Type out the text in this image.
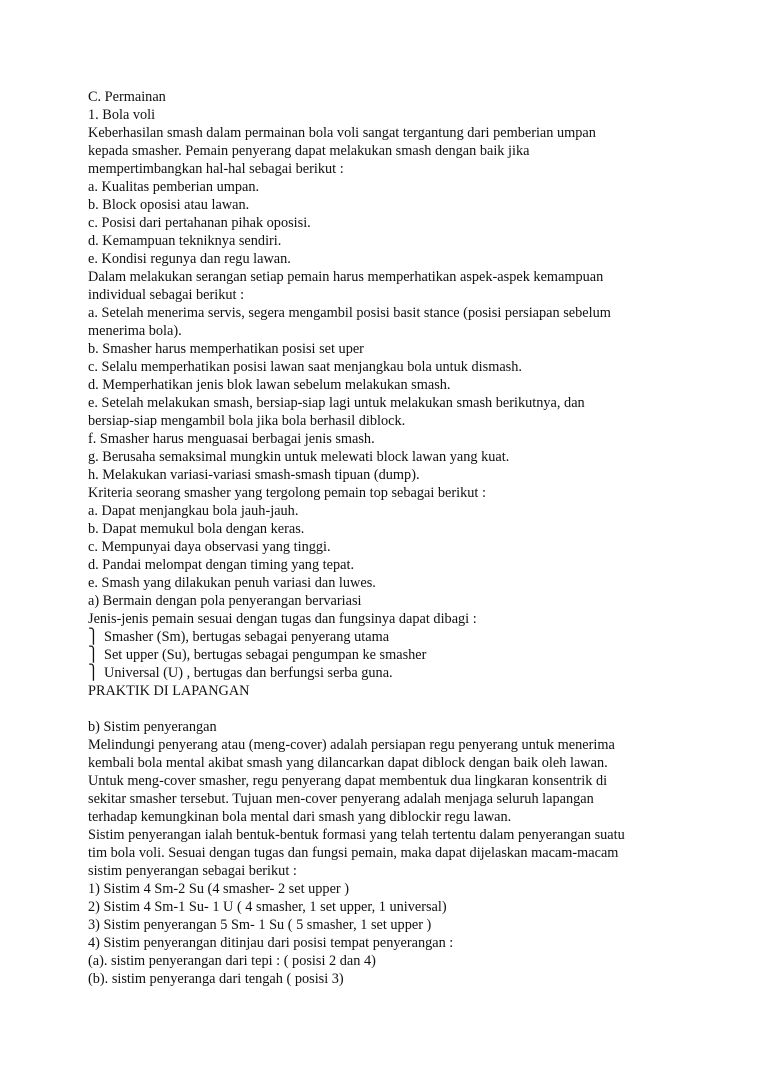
C. Permainan
1. Bola voli
Keberhasilan smash dalam permainan bola voli sangat tergantung dari pemberian umpan
kepada smasher. Pemain penyerang dapat melakukan smash dengan baik jika
mempertimbangkan hal-hal sebagai berikut :
a. Kualitas pemberian umpan.
b. Block oposisi atau lawan.
c. Posisi dari pertahanan pihak oposisi.
d. Kemampuan tekniknya sendiri.
e. Kondisi regunya dan regu lawan.
Dalam melakukan serangan setiap pemain harus memperhatikan aspek-aspek kemampuan
individual sebagai berikut :
a. Setelah menerima servis, segera mengambil posisi basit stance (posisi persiapan sebelum
menerima bola).
b. Smasher harus memperhatikan posisi set uper
c. Selalu memperhatikan posisi lawan saat menjangkau bola untuk dismash.
d. Memperhatikan jenis blok lawan sebelum melakukan smash.
e. Setelah melakukan smash, bersiap-siap lagi untuk melakukan smash berikutnya, dan
bersiap-siap mengambil bola jika bola berhasil diblock.
f. Smasher harus menguasai berbagai jenis smash.
g. Berusaha semaksimal mungkin untuk melewati block lawan yang kuat.
h. Melakukan variasi-variasi smash-smash tipuan (dump).
Kriteria seorang smasher yang tergolong pemain top sebagai berikut :
a. Dapat menjangkau bola jauh-jauh.
b. Dapat memukul bola dengan keras.
c. Mempunyai daya observasi yang tinggi.
d. Pandai melompat dengan timing yang tepat.
e. Smash yang dilakukan penuh variasi dan luwes.
a) Bermain dengan pola penyerangan bervariasi
Jenis-jenis pemain sesuai dengan tugas dan fungsinya dapat dibagi :
⎫ Smasher (Sm), bertugas sebagai penyerang utama
⎫ Set upper (Su), bertugas sebagai pengumpan ke smasher
⎫ Universal (U) , bertugas dan berfungsi serba guna.
PRAKTIK DI LAPANGAN
b) Sistim penyerangan
Melindungi penyerang atau (meng-cover) adalah persiapan regu penyerang untuk menerima
kembali bola mental akibat smash yang dilancarkan dapat diblock dengan baik oleh lawan.
Untuk meng-cover smasher, regu penyerang dapat membentuk dua lingkaran konsentrik di
sekitar smasher tersebut. Tujuan men-cover penyerang adalah menjaga seluruh lapangan
terhadap kemungkinan bola mental dari smash yang diblockir regu lawan.
Sistim penyerangan ialah bentuk-bentuk formasi yang telah tertentu dalam penyerangan suatu
tim bola voli. Sesuai dengan tugas dan fungsi pemain, maka dapat dijelaskan macam-macam
sistim penyerangan sebagai berikut :
1) Sistim 4 Sm-2 Su (4 smasher- 2 set upper )
2) Sistim 4 Sm-1 Su- 1 U ( 4 smasher, 1 set upper, 1 universal)
3) Sistim penyerangan 5 Sm- 1 Su ( 5 smasher, 1 set upper )
4) Sistim penyerangan ditinjau dari posisi tempat penyerangan :
(a). sistim penyerangan dari tepi : ( posisi 2 dan 4)
(b). sistim penyeranga dari tengah ( posisi 3)
